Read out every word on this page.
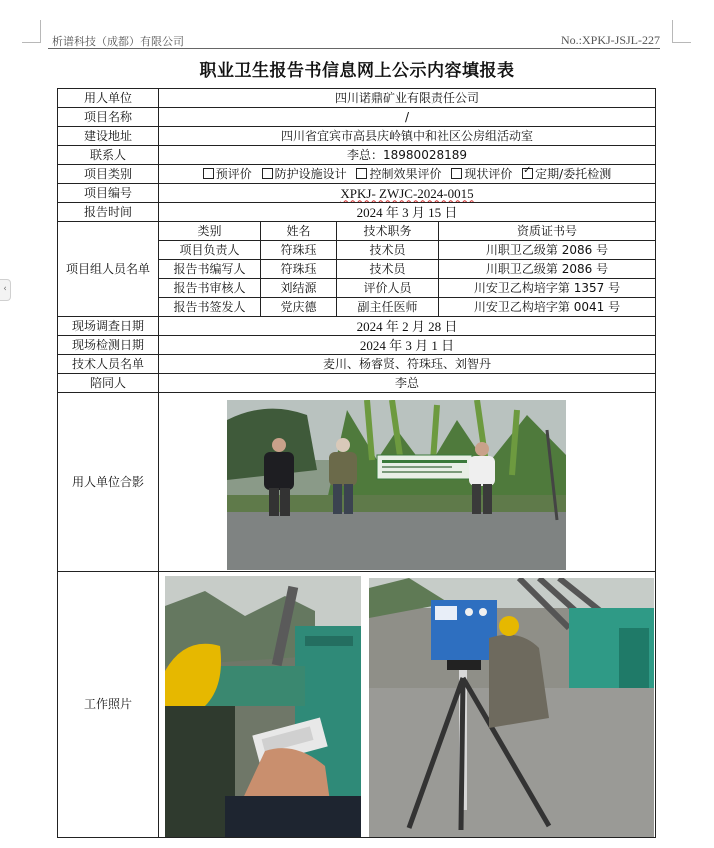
析谱科技（成都）有限公司	No.:XPKJ-JSJL-227
‹
职业卫生报告书信息网上公示内容填报表
用人单位	四川诺鼎矿业有限责任公司			
项目名称	/			
建设地址	四川省宜宾市高县庆岭镇中和社区公房组活动室			
联系人	李总：18980028189			
项目类别	预评价 防护设施设计 控制效果评价 现状评价 ✓ 定期/委托检测
项目编号	XPKJ- ZWJC-2024-0015			
报告时间	2024 年 3 月 15 日			
项目组人员名单	类别	姓名	技术职务	资质证书号
	项目负责人	符珠珏	技术员	川职卫乙级第 2086 号
	报告书编写人	符珠珏	技术员	川职卫乙级第 2086 号
	报告书审核人	刘结源	评价人员	川安卫乙构培字第 1357 号
	报告书签发人	党庆德	副主任医师	川安卫乙构培字第 0041 号
现场调查日期	2024 年 2 月 28 日			
现场检测日期	2024 年 3 月 1 日			
技术人员名单	麦川、杨睿贤、符珠珏、刘智丹			
陪同人	李总			
用人单位合影	

工作照片	
